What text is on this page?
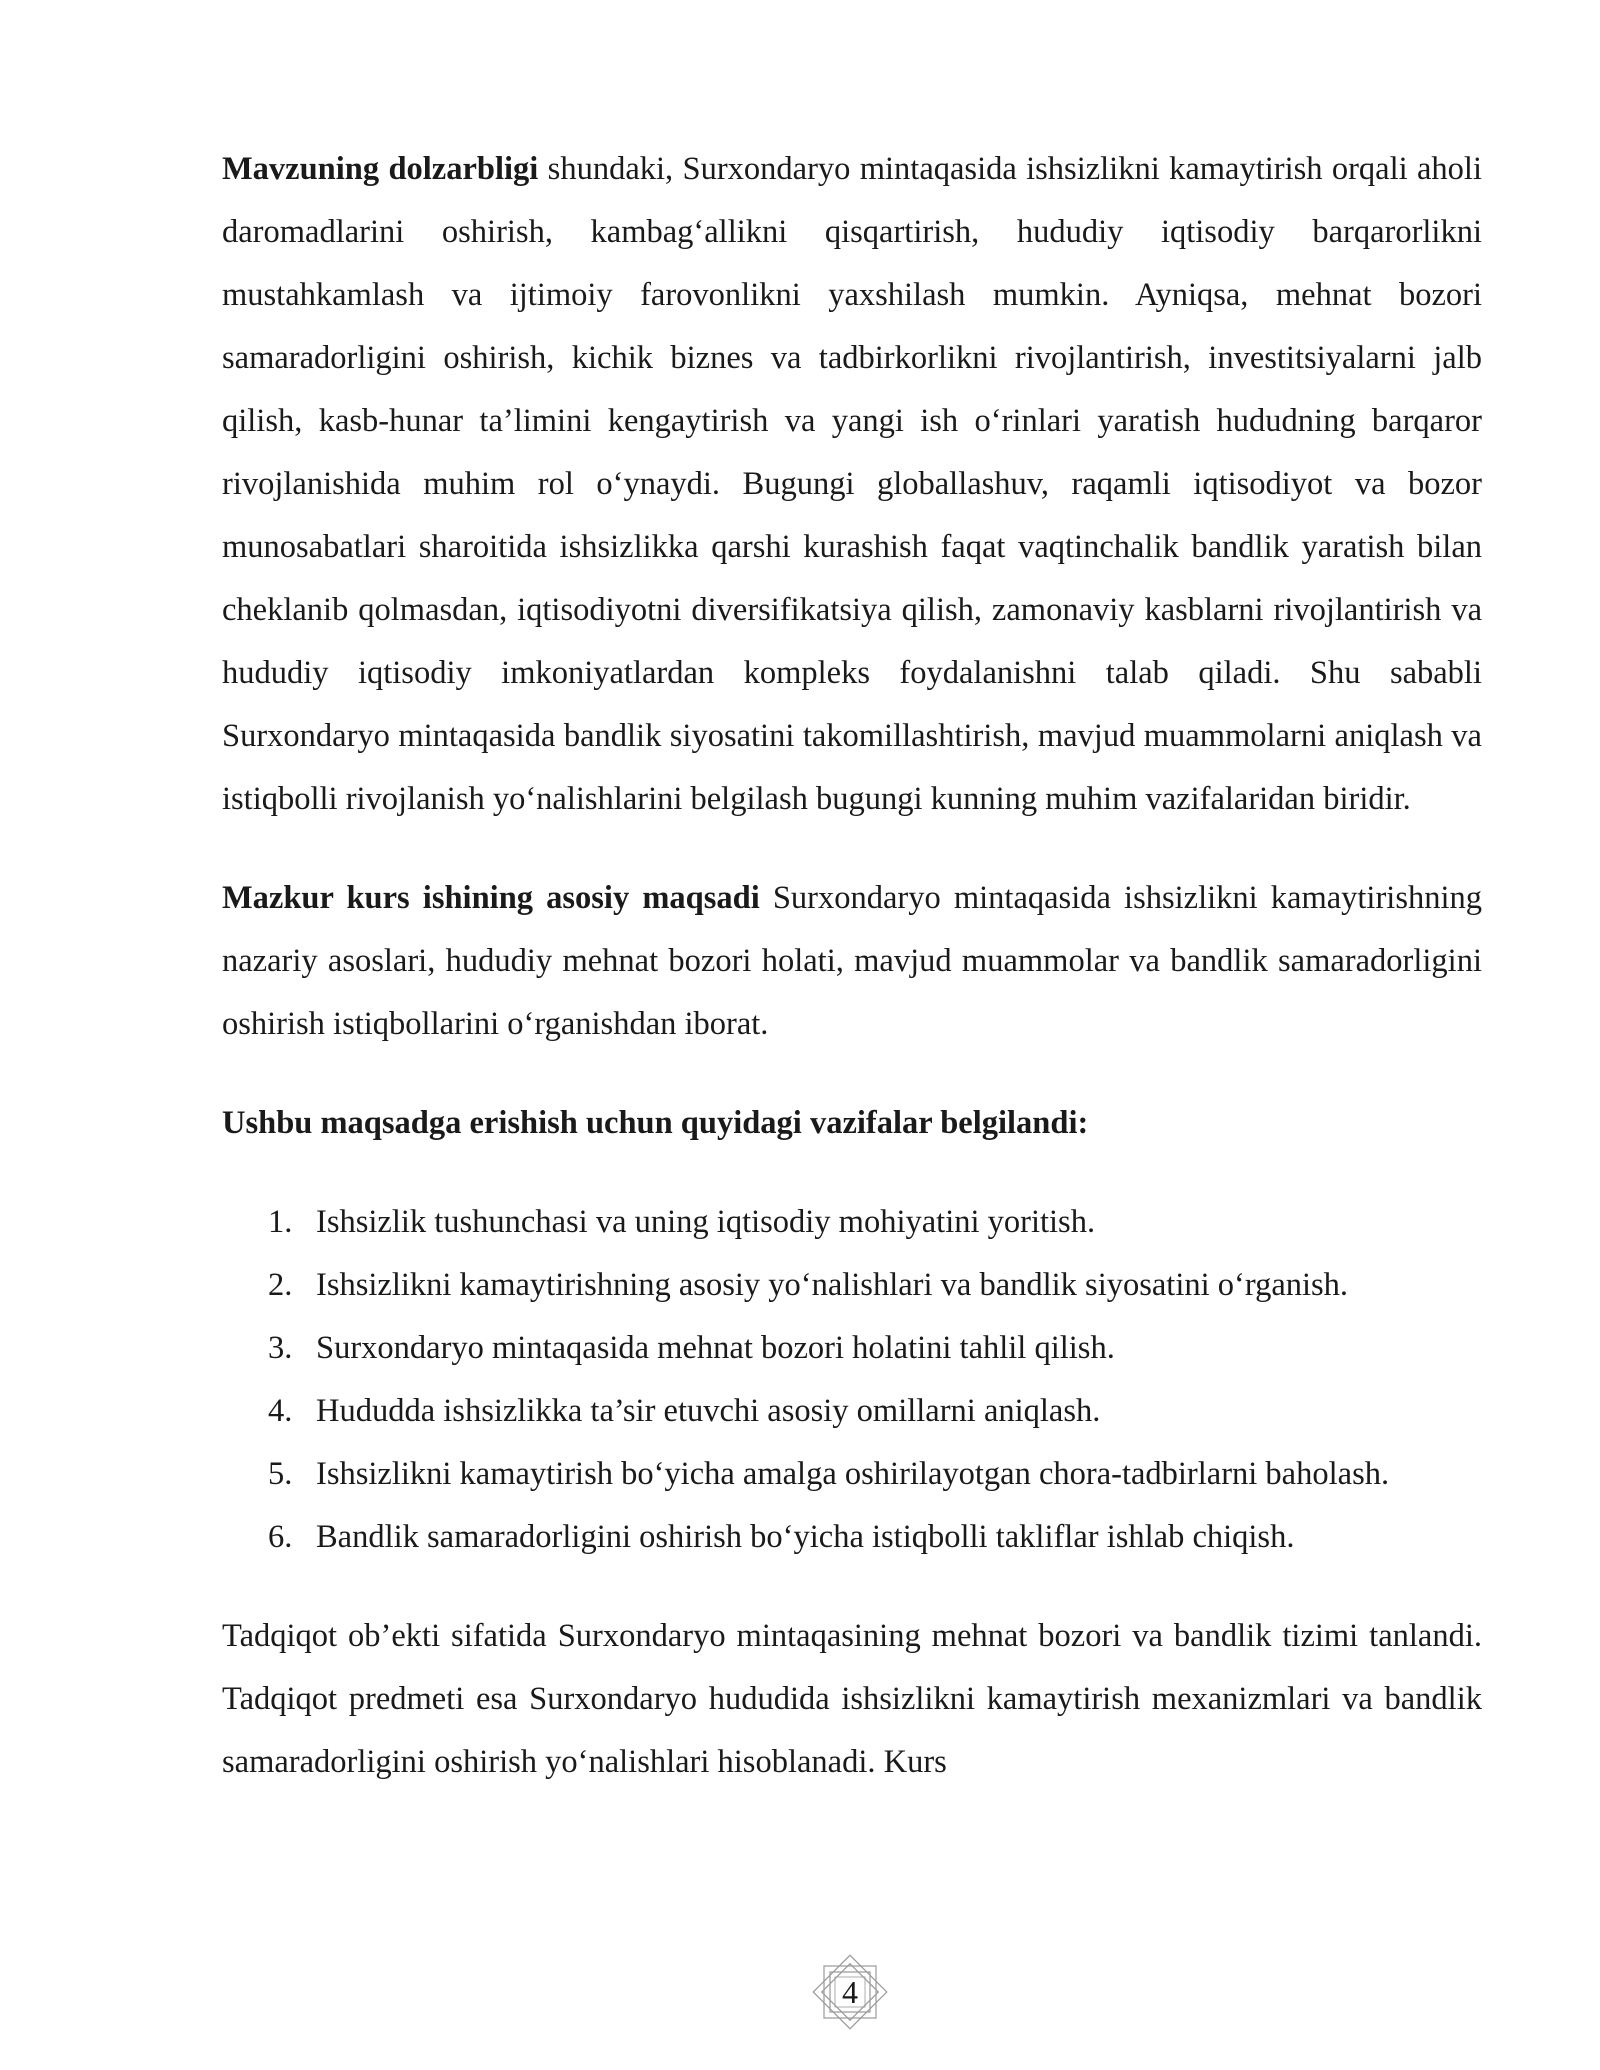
Mavzuning dolzarbligi shundaki, Surxondaryo mintaqasida ishsizlikni kamaytirish orqali aholi daromadlarini oshirish, kambag‘allikni qisqartirish, hududiy iqtisodiy barqarorlikni mustahkamlash va ijtimoiy farovonlikni yaxshilash mumkin. Ayniqsa, mehnat bozori samaradorligini oshirish, kichik biznes va tadbirkorlikni rivojlantirish, investitsiyalarni jalb qilish, kasb-hunar ta’limini kengaytirish va yangi ish o‘rinlari yaratish hududning barqaror rivojlanishida muhim rol o‘ynaydi. Bugungi globallashuv, raqamli iqtisodiyot va bozor munosabatlari sharoitida ishsizlikka qarshi kurashish faqat vaqtinchalik bandlik yaratish bilan cheklanib qolmasdan, iqtisodiyotni diversifikatsiya qilish, zamonaviy kasblarni rivojlantirish va hududiy iqtisodiy imkoniyatlardan kompleks foydalanishni talab qiladi. Shu sababli Surxondaryo mintaqasida bandlik siyosatini takomillashtirish, mavjud muammolarni aniqlash va istiqbolli rivojlanish yo‘nalishlarini belgilash bugungi kunning muhim vazifalaridan biridir.

Mazkur kurs ishining asosiy maqsadi Surxondaryo mintaqasida ishsizlikni kamaytirishning nazariy asoslari, hududiy mehnat bozori holati, mavjud muammolar va bandlik samaradorligini oshirish istiqbollarini o‘rganishdan iborat.

Ushbu maqsadga erishish uchun quyidagi vazifalar belgilandi:

1. Ishsizlik tushunchasi va uning iqtisodiy mohiyatini yoritish.
2. Ishsizlikni kamaytirishning asosiy yo‘nalishlari va bandlik siyosatini o‘rganish.
3. Surxondaryo mintaqasida mehnat bozori holatini tahlil qilish.
4. Hududda ishsizlikka ta’sir etuvchi asosiy omillarni aniqlash.
5. Ishsizlikni kamaytirish bo‘yicha amalga oshirilayotgan chora-tadbirlarni baholash.
6. Bandlik samaradorligini oshirish bo‘yicha istiqbolli takliflar ishlab chiqish.

Tadqiqot ob’ekti sifatida Surxondaryo mintaqasining mehnat bozori va bandlik tizimi tanlandi. Tadqiqot predmeti esa Surxondaryo hududida ishsizlikni kamaytirish mexanizmlari va bandlik samaradorligini oshirish yo‘nalishlari hisoblanadi. Kurs

4
